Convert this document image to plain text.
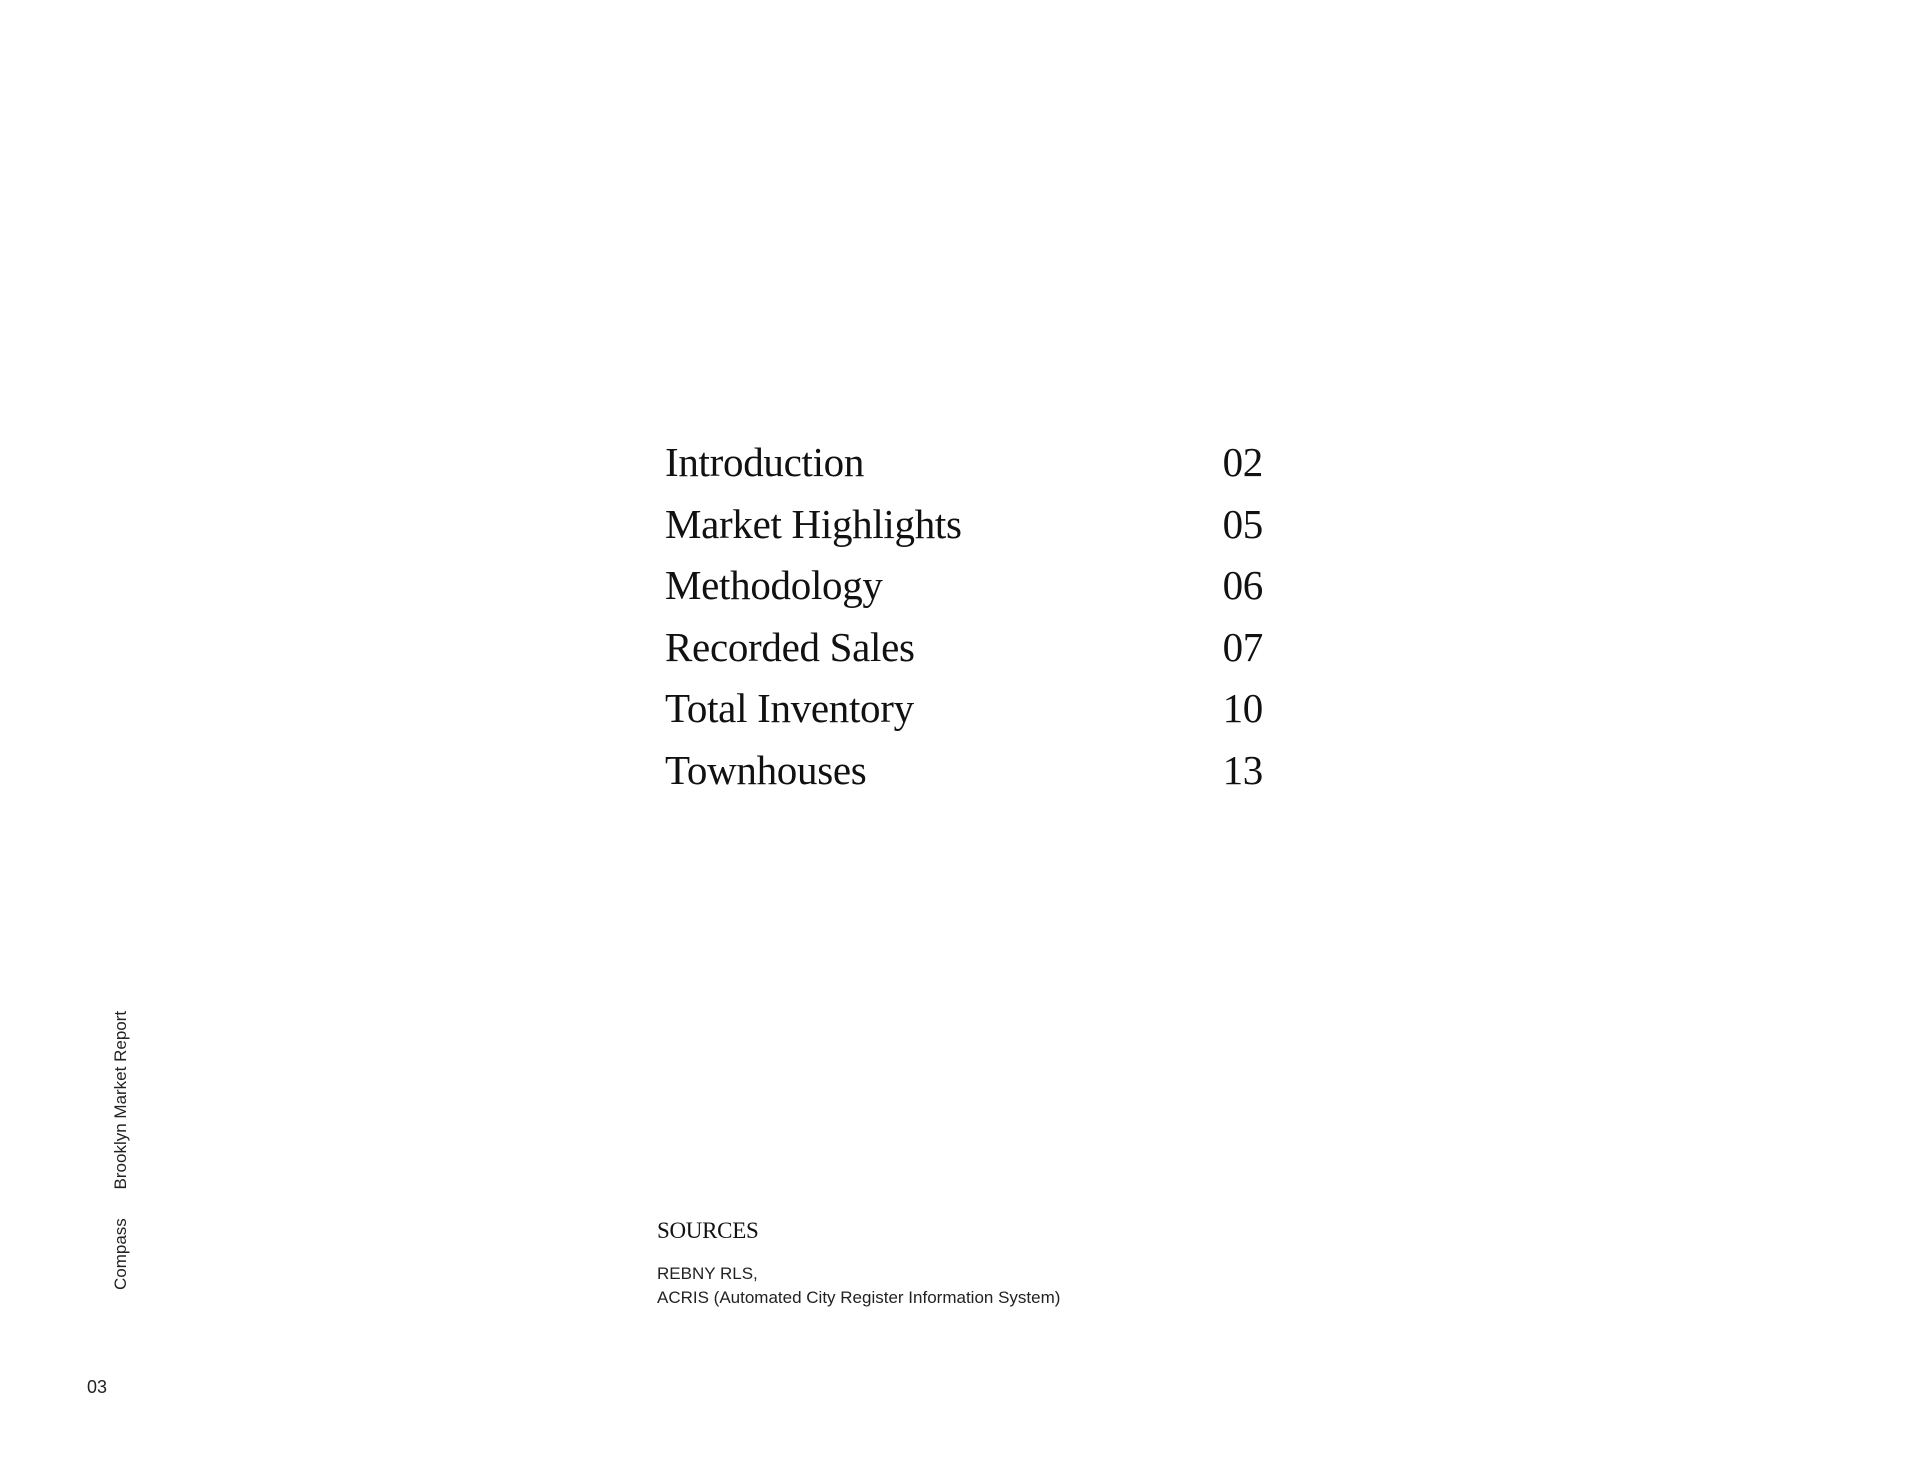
Introduction	02
Market Highlights	05
Methodology	06
Recorded Sales	07
Total Inventory	10
Townhouses	13
SOURCES
REBNY RLS,
ACRIS (Automated City Register Information System)
Compass Brooklyn Market Report
03
